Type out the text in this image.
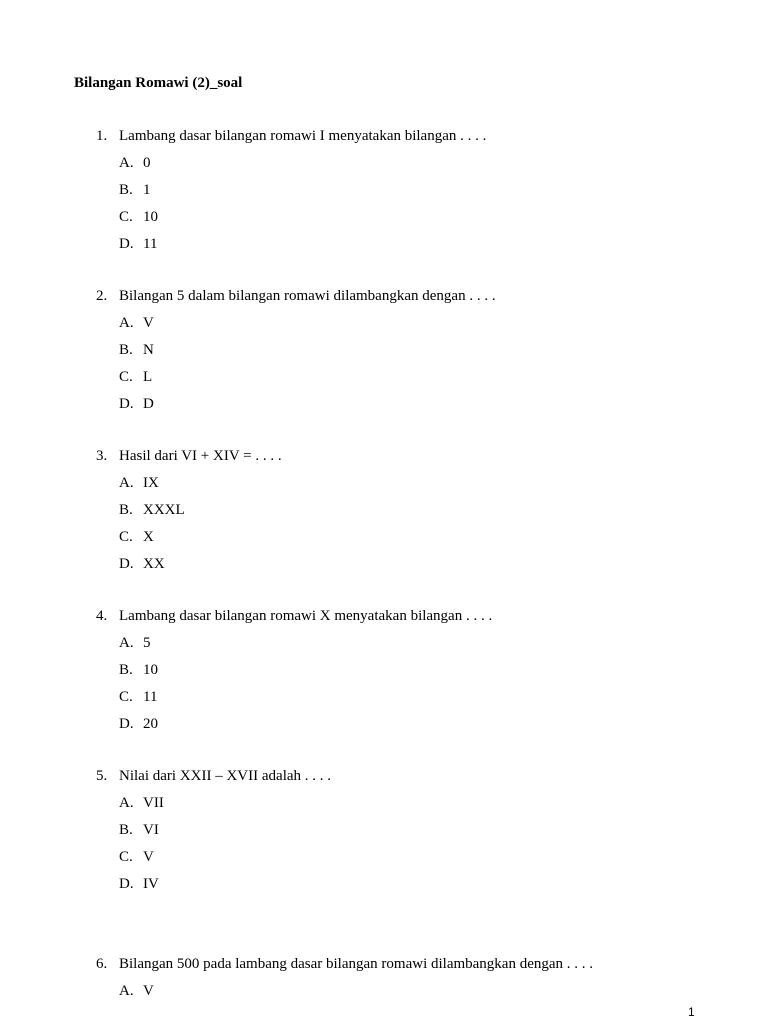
Bilangan Romawi (2)_soal
1. Lambang dasar bilangan romawi I menyatakan bilangan . . . .
A. 0
B. 1
C. 10
D. 11
2. Bilangan 5 dalam bilangan romawi dilambangkan dengan . . . .
A. V
B. N
C. L
D. D
3. Hasil dari VI + XIV = . . . .
A. IX
B. XXXL
C. X
D. XX
4. Lambang dasar bilangan romawi X menyatakan bilangan . . . .
A. 5
B. 10
C. 11
D. 20
5. Nilai dari XXII – XVII adalah . . . .
A. VII
B. VI
C. V
D. IV
6. Bilangan 500 pada lambang dasar bilangan romawi dilambangkan dengan . . . .
A. V
1
